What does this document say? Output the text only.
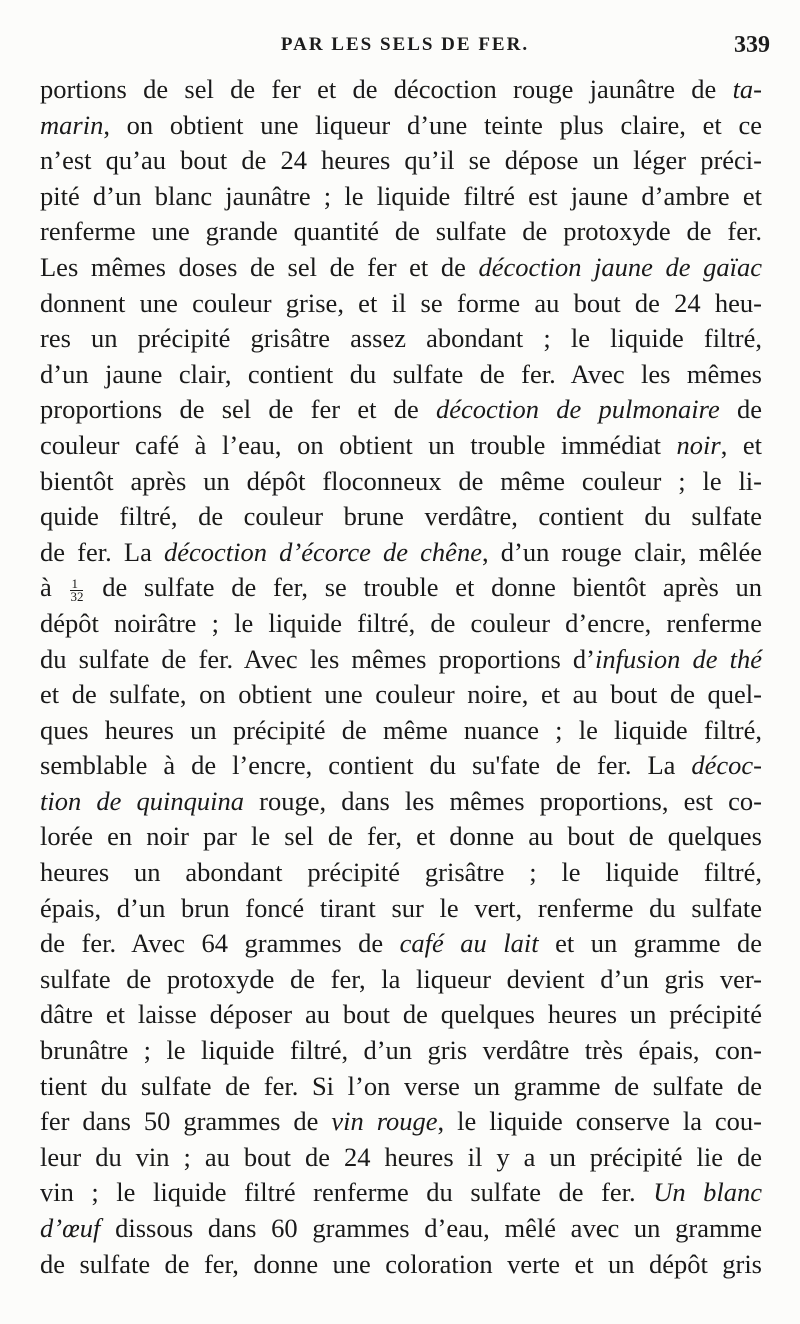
PAR LES SELS DE FER.	339
portions de sel de fer et de décoction rouge jaunâtre de ta-
marin, on obtient une liqueur d’une teinte plus claire, et ce
n’est qu’au bout de 24 heures qu’il se dépose un léger préci-
pité d’un blanc jaunâtre ; le liquide filtré est jaune d’ambre et
renferme une grande quantité de sulfate de protoxyde de fer.
Les mêmes doses de sel de fer et de décoction jaune de gaïac
donnent une couleur grise, et il se forme au bout de 24 heu-
res un précipité grisâtre assez abondant ; le liquide filtré,
d’un jaune clair, contient du sulfate de fer. Avec les mêmes
proportions de sel de fer et de décoction de pulmonaire de
couleur café à l’eau, on obtient un trouble immédiat noir, et
bientôt après un dépôt floconneux de même couleur ; le li-
quide filtré, de couleur brune verdâtre, contient du sulfate
de fer. La décoction d’écorce de chêne, d’un rouge clair, mêlée
à $\frac{1}{32}$ de sulfate de fer, se trouble et donne bientôt après un
dépôt noirâtre ; le liquide filtré, de couleur d’encre, renferme
du sulfate de fer. Avec les mêmes proportions d’infusion de thé
et de sulfate, on obtient une couleur noire, et au bout de quel-
ques heures un précipité de même nuance ; le liquide filtré,
semblable à de l’encre, contient du su'fate de fer. La décoc-
tion de quinquina rouge, dans les mêmes proportions, est co-
lorée en noir par le sel de fer, et donne au bout de quelques
heures un abondant précipité grisâtre ; le liquide filtré,
épais, d’un brun foncé tirant sur le vert, renferme du sulfate
de fer. Avec 64 grammes de café au lait et un gramme de
sulfate de protoxyde de fer, la liqueur devient d’un gris ver-
dâtre et laisse déposer au bout de quelques heures un précipité
brunâtre ; le liquide filtré, d’un gris verdâtre très épais, con-
tient du sulfate de fer. Si l’on verse un gramme de sulfate de
fer dans 50 grammes de vin rouge, le liquide conserve la cou-
leur du vin ; au bout de 24 heures il y a un précipité lie de
vin ; le liquide filtré renferme du sulfate de fer. Un blanc
d’œuf dissous dans 60 grammes d’eau, mêlé avec un gramme
de sulfate de fer, donne une coloration verte et un dépôt gris
